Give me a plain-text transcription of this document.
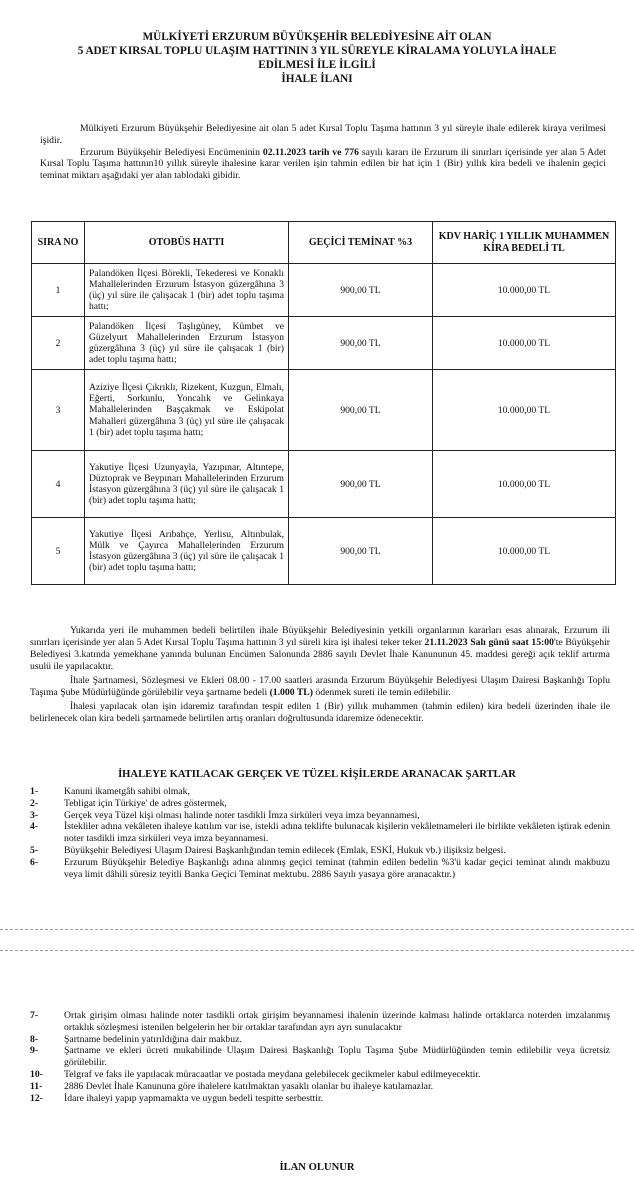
MÜLKİYETİ ERZURUM BÜYÜKŞEHİR BELEDİYESİNE AİT OLAN
5 ADET KIRSAL TOPLU ULAŞIM HATTININ 3 YIL SÜREYLE KİRALAMA YOLUYLA İHALE
EDİLMESİ İLE İLGİLİ
İHALE İLANI

Mülkiyeti Erzurum Büyükşehir Belediyesine ait olan 5 adet Kırsal Toplu Taşıma hattının 3 yıl süreyle ihale edilerek kiraya verilmesi işidir.

Erzurum Büyükşehir Belediyesi Encümeninin 02.11.2023 tarih ve 776 sayılı kararı ile Erzurum ili sınırları içerisinde yer alan 5 Adet Kırsal Toplu Taşıma hattının10 yıllık süreyle ihalesine karar verilen işin tahmin edilen bir hat için 1 (Bir) yıllık kira bedeli ve ihalenin geçici teminat miktarı aşağıdaki yer alan tablodaki gibidir.

SIRA NO	OTOBÜS HATTI	GEÇİCİ TEMİNAT %3	KDV HARİÇ 1 YILLIK MUHAMMEN KİRA BEDELİ TL
1	Palandöken İlçesi Börekli, Tekederesi ve Konaklı Mahallelerinden Erzurum İstasyon güzergâhına 3 (üç) yıl süre ile çalışacak 1 (bir) adet toplu taşıma hattı;	900,00 TL	10.000,00 TL
2	Palandöken İlçesi Taşlıgüney, Kümbet ve Güzelyurt Mahallelerinden Erzurum İstasyon güzergâhına 3 (üç) yıl süre ile çalışacak 1 (bir) adet toplu taşıma hattı;	900,00 TL	10.000,00 TL
3	Aziziye İlçesi Çıkrıklı, Rizekent, Kuzgun, Elmalı, Eğerti, Sorkunlu, Yoncalık ve Gelinkaya Mahallelerinden Başçakmak ve Eskipolat Mahalleri güzergâhına 3 (üç) yıl süre ile çalışacak 1 (bir) adet toplu taşıma hattı;	900,00 TL	10.000,00 TL
4	Yakutiye İlçesi Uzunyayla, Yazıpınar, Altıntepe, Düztoprak ve Beypınarı Mahallelerinden Erzurum İstasyon güzergâhına 3 (üç) yıl süre ile çalışacak 1 (bir) adet toplu taşıma hattı;	900,00 TL	10.000,00 TL
5	Yakutiye İlçesi Arıbahçe, Yerlisu, Altınbulak, Mülk ve Çayırca Mahallelerinden Erzurum İstasyon güzergâhına 3 (üç) yıl süre ile çalışacak 1 (bir) adet toplu taşıma hattı;	900,00 TL	10.000,00 TL

Yukarıda yeri ile muhammen bedeli belirtilen ihale Büyükşehir Belediyesinin yetkili organlarının kararları esas alınarak, Erzurum ili sınırları içerisinde yer alan 5 Adet Kırsal Toplu Taşıma hattının 3 yıl süreli kira işi ihalesi teker teker 21.11.2023 Salı günü saat 15:00'te Büyükşehir Belediyesi 3.katında yemekhane yanında bulunan Encümen Salonunda 2886 sayılı Devlet İhale Kanununun 45. maddesi gereği açık teklif artırma usulü ile yapılacaktır.

İhale Şartnamesi, Sözleşmesi ve Ekleri 08.00 - 17.00 saatleri arasında Erzurum Büyükşehir Belediyesi Ulaşım Dairesi Başkanlığı Toplu Taşıma Şube Müdürlüğünde görülebilir veya şartname bedeli (1.000 TL) ödenmek sureti ile temin edilebilir.

İhalesi yapılacak olan işin idaremiz tarafından tespit edilen 1 (Bir) yıllık muhammen (tahmin edilen) kira bedeli üzerinden ihale ile belirlenecek olan kira bedeli şartnamede belirtilen artış oranları doğrultusunda idaremize ödenecektir.

İHALEYE KATILACAK GERÇEK VE TÜZEL KİŞİLERDE ARANACAK ŞARTLAR
1-	Kanuni ikametgâh sahibi olmak,
2-	Tebligat için Türkiye' de adres göstermek,
3-	Gerçek veya Tüzel kişi olması halinde noter tasdikli İmza sirküleri veya imza beyannamesi,
4-	İstekliler adına vekâleten ihaleye katılım var ise, istekli adına teklifte bulunacak kişilerin vekâletnameleri ile birlikte vekâleten iştirak edenin noter tasdikli imza sirküleri veya imza beyannamesi.
5-	Büyükşehir Belediyesi Ulaşım Dairesi Başkanlığından temin edilecek (Emlak, ESKİ, Hukuk vb.) ilişiksiz belgesi.
6-	Erzurum Büyükşehir Belediye Başkanlığı adına alınmış geçici teminat (tahmin edilen bedelin %3'ü kadar geçici teminat alındı makbuzu veya limit dâhili süresiz teyitli Banka Geçici Teminat mektubu. 2886 Sayılı yasaya göre aranacaktır.)
7-	Ortak girişim olması halinde noter tasdikli ortak girişim beyannamesi ihalenin üzerinde kalması halinde ortaklarca noterden imzalanmış ortaklık sözleşmesi istenilen belgelerin her bir ortaklar tarafından ayrı ayrı sunulacaktır
8-	Şartname bedelinin yatırıldığına dair makbuz.
9-	Şartname ve ekleri ücreti mukabilinde Ulaşım Dairesi Başkanlığı Toplu Taşıma Şube Müdürlüğünden temin edilebilir veya ücretsiz görülebilir.
10- Telgraf ve faks ile yapılacak müracaatlar ve postada meydana gelebilecek gecikmeler kabul edilmeyecektir.
11- 2886 Devlet İhale Kanununa göre ihalelere katılmaktan yasaklı olanlar bu ihaleye katılamazlar.
12- İdare ihaleyi yapıp yapmamakta ve uygun bedeli tespitte serbesttir.
İLAN OLUNUR
